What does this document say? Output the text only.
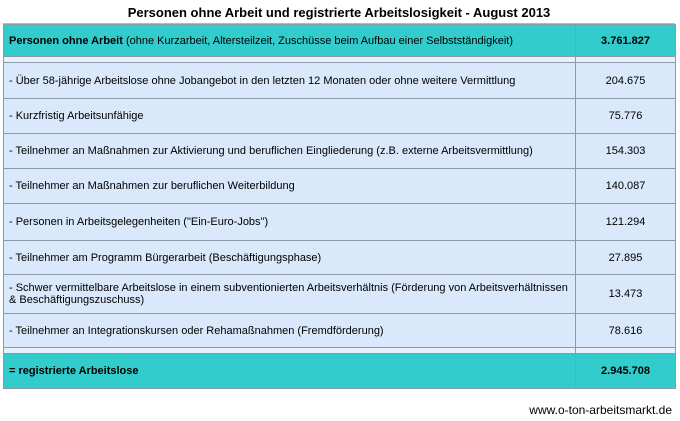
Personen ohne Arbeit und registrierte Arbeitslosigkeit - August 2013
Personen ohne Arbeit (ohne Kurzarbeit, Altersteilzeit, Zuschüsse beim Aufbau einer Selbstständigkeit)	3.761.827

- Über 58-jährige Arbeitslose ohne Jobangebot in den letzten 12 Monaten oder ohne weitere Vermittlung	204.675
- Kurzfristig Arbeitsunfähige	75.776
- Teilnehmer an Maßnahmen zur Aktivierung und beruflichen Eingliederung (z.B. externe Arbeitsvermittlung)	154.303
- Teilnehmer an Maßnahmen zur beruflichen Weiterbildung	140.087
- Personen in Arbeitsgelegenheiten ("Ein-Euro-Jobs")	121.294
- Teilnehmer am Programm Bürgerarbeit (Beschäftigungsphase)	27.895
- Schwer vermittelbare Arbeitslose in einem subventionierten Arbeitsverhältnis (Förderung von Arbeitsverhältnissen & Beschäftigungszuschuss)	13.473
- Teilnehmer an Integrationskursen oder Rehamaßnahmen (Fremdförderung)	78.616

= registrierte Arbeitslose	2.945.708
www.o-ton-arbeitsmarkt.de
